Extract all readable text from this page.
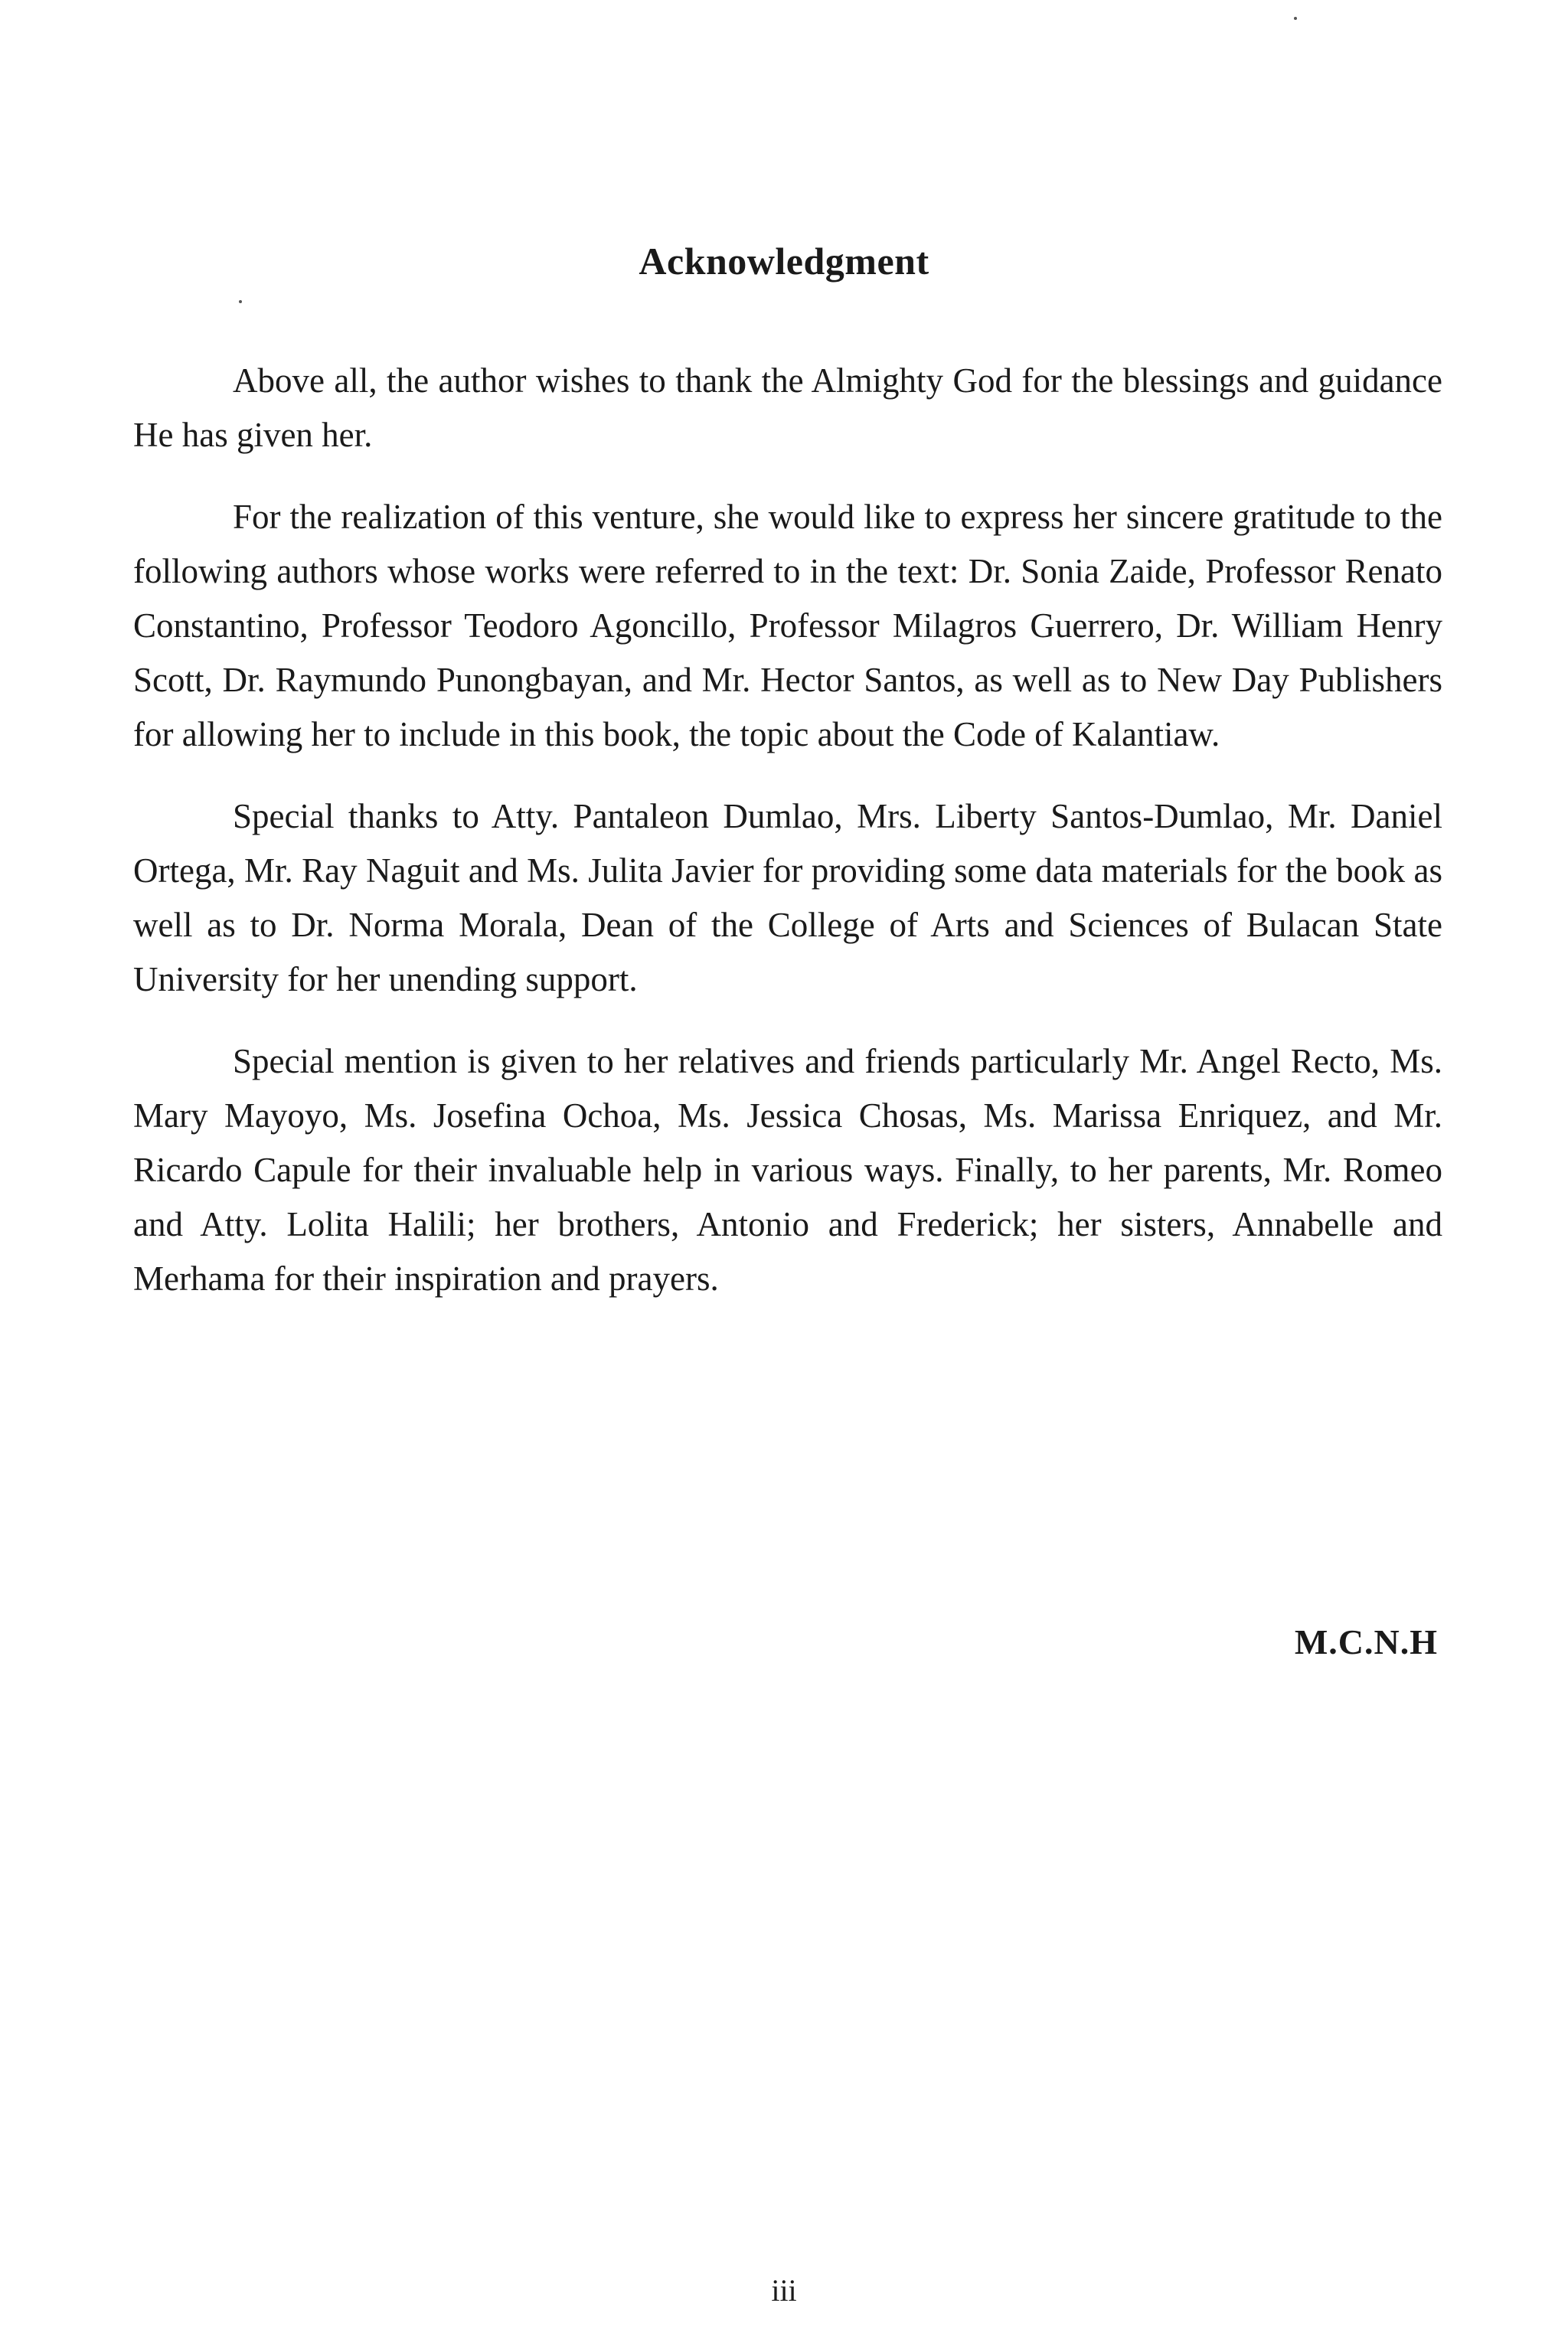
Acknowledgment

Above all, the author wishes to thank the Almighty God for the blessings and guidance He has given her.

For the realization of this venture, she would like to express her sincere gratitude to the following authors whose works were referred to in the text: Dr. Sonia Zaide, Professor Renato Constantino, Professor Teodoro Agoncillo, Professor Milagros Guerrero, Dr. William Henry Scott, Dr. Raymundo Punongbayan, and Mr. Hector Santos, as well as to New Day Publishers for allowing her to include in this book, the topic about the Code of Kalantiaw.

Special thanks to Atty. Pantaleon Dumlao, Mrs. Liberty Santos-Dumlao, Mr. Daniel Ortega, Mr. Ray Naguit and Ms. Julita Javier for providing some data materials for the book as well as to Dr. Norma Morala, Dean of the College of Arts and Sciences of Bulacan State University for her unending support.

Special mention is given to her relatives and friends particularly Mr. Angel Recto, Ms. Mary Mayoyo, Ms. Josefina Ochoa, Ms. Jessica Chosas, Ms. Marissa Enriquez, and Mr. Ricardo Capule for their invaluable help in various ways. Finally, to her parents, Mr. Romeo and Atty. Lolita Halili; her brothers, Antonio and Frederick; her sisters, Annabelle and Merhama for their inspiration and prayers.

M.C.N.H
iii
